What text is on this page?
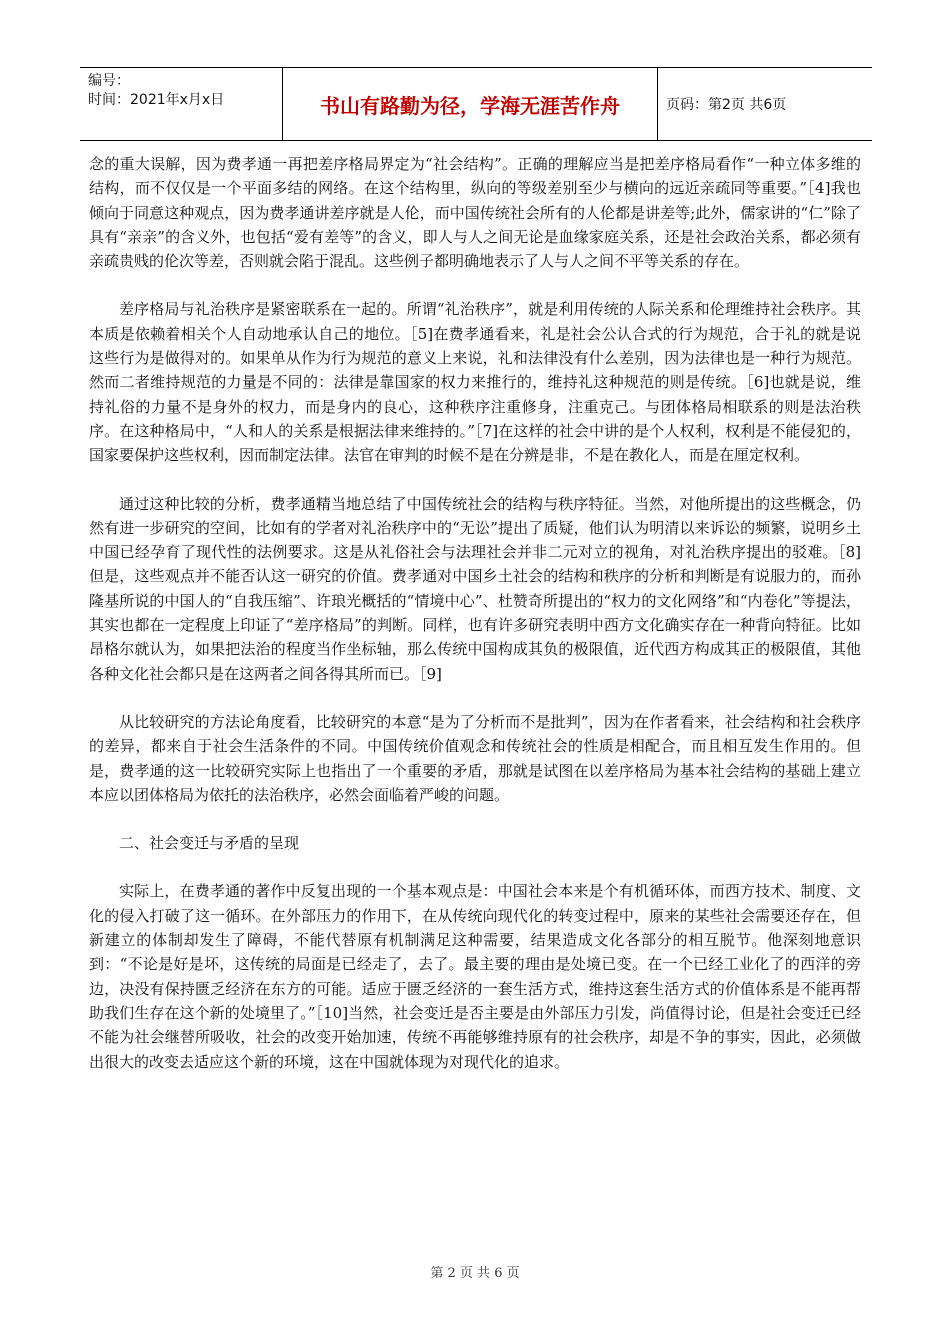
编号：
时间：2021年x月x日	书山有路勤为径，学海无涯苦作舟	页码：第2页 共6页

念的重大误解，因为费孝通一再把差序格局界定为“社会结构”。正确的理解应当是把差序格局看作“一种立体多维的结构，而不仅仅是一个平面多结的网络。在这个结构里，纵向的等级差别至少与横向的远近亲疏同等重要。”［4]我也倾向于同意这种观点，因为费孝通讲差序就是人伦，而中国传统社会所有的人伦都是讲差等;此外，儒家讲的“仁”除了具有“亲亲”的含义外，也包括“爱有差等”的含义，即人与人之间无论是血缘家庭关系，还是社会政治关系，都必须有亲疏贵贱的伦次等差，否则就会陷于混乱。这些例子都明确地表示了人与人之间不平等关系的存在。

差序格局与礼治秩序是紧密联系在一起的。所谓“礼治秩序”，就是利用传统的人际关系和伦理维持社会秩序。其本质是依赖着相关个人自动地承认自己的地位。［5]在费孝通看来，礼是社会公认合式的行为规范，合于礼的就是说这些行为是做得对的。如果单从作为行为规范的意义上来说，礼和法律没有什么差别，因为法律也是一种行为规范。然而二者维持规范的力量是不同的：法律是靠国家的权力来推行的，维持礼这种规范的则是传统。［6]也就是说，维持礼俗的力量不是身外的权力，而是身内的良心，这种秩序注重修身，注重克己。与团体格局相联系的则是法治秩序。在这种格局中，“人和人的关系是根据法律来维持的。”［7]在这样的社会中讲的是个人权利，权利是不能侵犯的，国家要保护这些权利，因而制定法律。法官在审判的时候不是在分辨是非，不是在教化人，而是在厘定权利。

通过这种比较的分析，费孝通精当地总结了中国传统社会的结构与秩序特征。当然，对他所提出的这些概念，仍然有进一步研究的空间，比如有的学者对礼治秩序中的“无讼”提出了质疑，他们认为明清以来诉讼的频繁，说明乡土中国已经孕育了现代性的法例要求。这是从礼俗社会与法理社会并非二元对立的视角，对礼治秩序提出的驳难。［8]但是，这些观点并不能否认这一研究的价值。费孝通对中国乡土社会的结构和秩序的分析和判断是有说服力的，而孙隆基所说的中国人的“自我压缩”、许琅光概括的“情境中心”、杜赞奇所提出的“权力的文化网络”和“内卷化”等提法，其实也都在一定程度上印证了“差序格局”的判断。同样，也有许多研究表明中西方文化确实存在一种背向特征。比如昂格尔就认为，如果把法治的程度当作坐标轴，那么传统中国构成其负的极限值，近代西方构成其正的极限值，其他各种文化社会都只是在这两者之间各得其所而已。［9]

从比较研究的方法论角度看，比较研究的本意“是为了分析而不是批判”，因为在作者看来，社会结构和社会秩序的差异，都来自于社会生活条件的不同。中国传统价值观念和传统社会的性质是相配合，而且相互发生作用的。但是，费孝通的这一比较研究实际上也指出了一个重要的矛盾，那就是试图在以差序格局为基本社会结构的基础上建立本应以团体格局为依托的法治秩序，必然会面临着严峻的问题。

二、社会变迁与矛盾的呈现

实际上，在费孝通的著作中反复出现的一个基本观点是：中国社会本来是个有机循环体，而西方技术、制度、文化的侵入打破了这一循环。在外部压力的作用下，在从传统向现代化的转变过程中，原来的某些社会需要还存在，但新建立的体制却发生了障碍，不能代替原有机制满足这种需要，结果造成文化各部分的相互脱节。他深刻地意识到：“不论是好是坏，这传统的局面是已经走了，去了。最主要的理由是处境已变。在一个已经工业化了的西洋的旁边，决没有保持匮乏经济在东方的可能。适应于匮乏经济的一套生活方式，维持这套生活方式的价值体系是不能再帮助我们生存在这个新的处境里了。”［10]当然，社会变迁是否主要是由外部压力引发，尚值得讨论，但是社会变迁已经不能为社会继替所吸收，社会的改变开始加速，传统不再能够维持原有的社会秩序，却是不争的事实，因此，必须做出很大的改变去适应这个新的环境，这在中国就体现为对现代化的追求。

第 2 页 共 6 页
